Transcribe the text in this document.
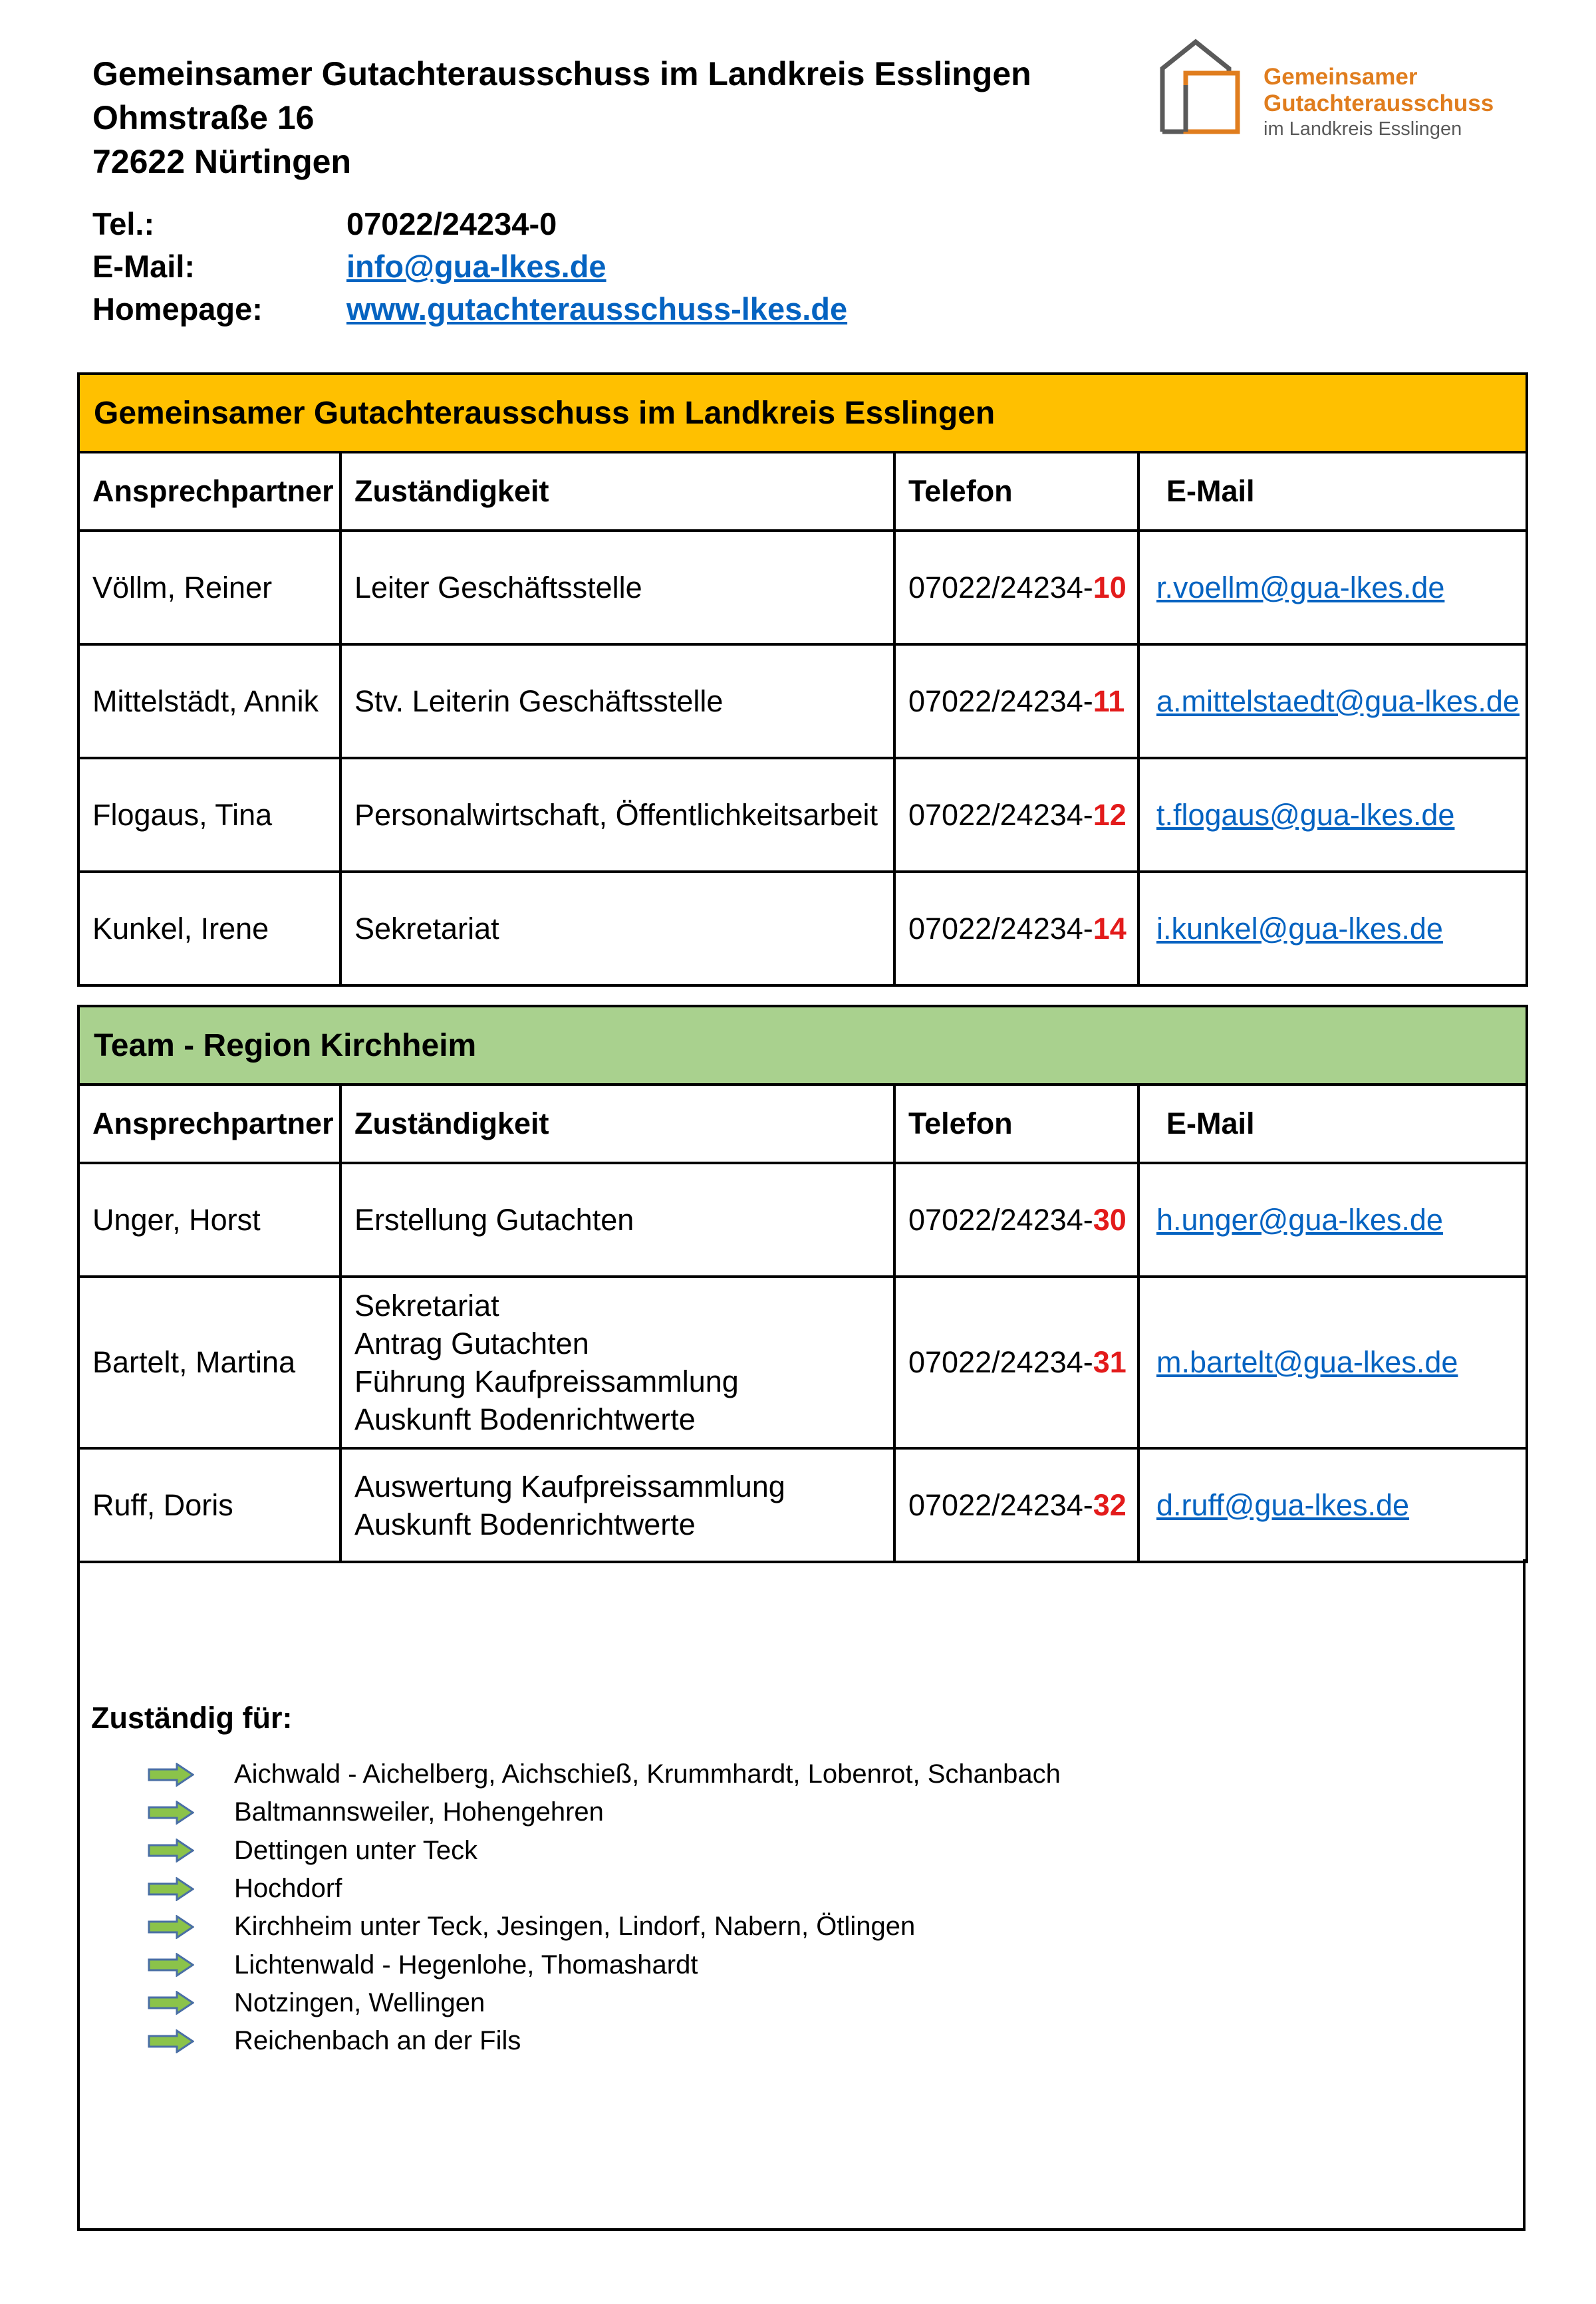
Gemeinsamer Gutachterausschuss im Landkreis Esslingen
Ohmstraße 16
72622 Nürtingen
Tel.:	07022/24234-0
E-Mail:	info@gua-lkes.de
Homepage:	www.gutachterausschuss-lkes.de
Gemeinsamer
Gutachterausschuss
im Landkreis Esslingen
Gemeinsamer Gutachterausschuss im Landkreis Esslingen			
Ansprechpartner	Zuständigkeit	Telefon	E-Mail
Völlm, Reiner	Leiter Geschäftsstelle	07022/24234-10	r.voellm@gua-lkes.de
Mittelstädt, Annik	Stv. Leiterin Geschäftsstelle	07022/24234-11	a.mittelstaedt@gua-lkes.de
Flogaus, Tina	Personalwirtschaft, Öffentlichkeitsarbeit	07022/24234-12	t.flogaus@gua-lkes.de
Kunkel, Irene	Sekretariat	07022/24234-14	i.kunkel@gua-lkes.de
Team - Region Kirchheim			
Ansprechpartner	Zuständigkeit	Telefon	E-Mail
Unger, Horst	Erstellung Gutachten	07022/24234-30	h.unger@gua-lkes.de
Bartelt, Martina	Sekretariat
Antrag Gutachten
Führung Kaufpreissammlung
Auskunft Bodenrichtwerte	07022/24234-31	m.bartelt@gua-lkes.de
Ruff, Doris	Auswertung Kaufpreissammlung
Auskunft Bodenrichtwerte	07022/24234-32	d.ruff@gua-lkes.de
Zuständig für:
Aichwald - Aichelberg, Aichschieß, Krummhardt, Lobenrot, Schanbach
Baltmannsweiler, Hohengehren
Dettingen unter Teck
Hochdorf
Kirchheim unter Teck, Jesingen, Lindorf, Nabern, Ötlingen
Lichtenwald - Hegenlohe, Thomashardt
Notzingen, Wellingen
Reichenbach an der Fils
